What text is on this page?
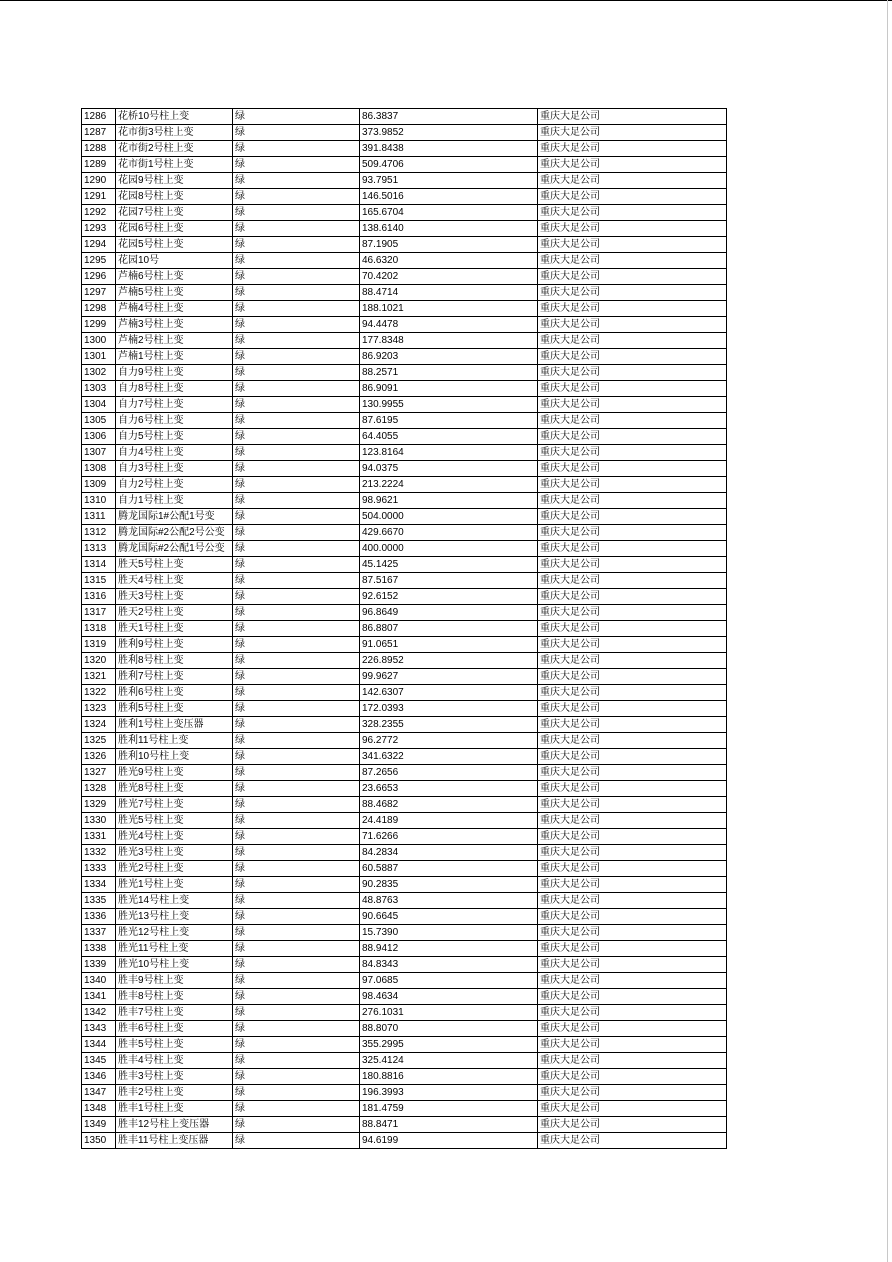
1286	花桥10号柱上变	绿	86.3837	重庆大足公司
1287	花市街3号柱上变	绿	373.9852	重庆大足公司
1288	花市街2号柱上变	绿	391.8438	重庆大足公司
1289	花市街1号柱上变	绿	509.4706	重庆大足公司
1290	花园9号柱上变	绿	93.7951	重庆大足公司
1291	花园8号柱上变	绿	146.5016	重庆大足公司
1292	花园7号柱上变	绿	165.6704	重庆大足公司
1293	花园6号柱上变	绿	138.6140	重庆大足公司
1294	花园5号柱上变	绿	87.1905	重庆大足公司
1295	花园10号	绿	46.6320	重庆大足公司
1296	芦楠6号柱上变	绿	70.4202	重庆大足公司
1297	芦楠5号柱上变	绿	88.4714	重庆大足公司
1298	芦楠4号柱上变	绿	188.1021	重庆大足公司
1299	芦楠3号柱上变	绿	94.4478	重庆大足公司
1300	芦楠2号柱上变	绿	177.8348	重庆大足公司
1301	芦楠1号柱上变	绿	86.9203	重庆大足公司
1302	自力9号柱上变	绿	88.2571	重庆大足公司
1303	自力8号柱上变	绿	86.9091	重庆大足公司
1304	自力7号柱上变	绿	130.9955	重庆大足公司
1305	自力6号柱上变	绿	87.6195	重庆大足公司
1306	自力5号柱上变	绿	64.4055	重庆大足公司
1307	自力4号柱上变	绿	123.8164	重庆大足公司
1308	自力3号柱上变	绿	94.0375	重庆大足公司
1309	自力2号柱上变	绿	213.2224	重庆大足公司
1310	自力1号柱上变	绿	98.9621	重庆大足公司
1311	腾龙国际1#公配1号变	绿	504.0000	重庆大足公司
1312	腾龙国际#2公配2号公变	绿	429.6670	重庆大足公司
1313	腾龙国际#2公配1号公变	绿	400.0000	重庆大足公司
1314	胜天5号柱上变	绿	45.1425	重庆大足公司
1315	胜天4号柱上变	绿	87.5167	重庆大足公司
1316	胜天3号柱上变	绿	92.6152	重庆大足公司
1317	胜天2号柱上变	绿	96.8649	重庆大足公司
1318	胜天1号柱上变	绿	86.8807	重庆大足公司
1319	胜利9号柱上变	绿	91.0651	重庆大足公司
1320	胜利8号柱上变	绿	226.8952	重庆大足公司
1321	胜利7号柱上变	绿	99.9627	重庆大足公司
1322	胜利6号柱上变	绿	142.6307	重庆大足公司
1323	胜利5号柱上变	绿	172.0393	重庆大足公司
1324	胜利1号柱上变压器	绿	328.2355	重庆大足公司
1325	胜利11号柱上变	绿	96.2772	重庆大足公司
1326	胜利10号柱上变	绿	341.6322	重庆大足公司
1327	胜光9号柱上变	绿	87.2656	重庆大足公司
1328	胜光8号柱上变	绿	23.6653	重庆大足公司
1329	胜光7号柱上变	绿	88.4682	重庆大足公司
1330	胜光5号柱上变	绿	24.4189	重庆大足公司
1331	胜光4号柱上变	绿	71.6266	重庆大足公司
1332	胜光3号柱上变	绿	84.2834	重庆大足公司
1333	胜光2号柱上变	绿	60.5887	重庆大足公司
1334	胜光1号柱上变	绿	90.2835	重庆大足公司
1335	胜光14号柱上变	绿	48.8763	重庆大足公司
1336	胜光13号柱上变	绿	90.6645	重庆大足公司
1337	胜光12号柱上变	绿	15.7390	重庆大足公司
1338	胜光11号柱上变	绿	88.9412	重庆大足公司
1339	胜光10号柱上变	绿	84.8343	重庆大足公司
1340	胜丰9号柱上变	绿	97.0685	重庆大足公司
1341	胜丰8号柱上变	绿	98.4634	重庆大足公司
1342	胜丰7号柱上变	绿	276.1031	重庆大足公司
1343	胜丰6号柱上变	绿	88.8070	重庆大足公司
1344	胜丰5号柱上变	绿	355.2995	重庆大足公司
1345	胜丰4号柱上变	绿	325.4124	重庆大足公司
1346	胜丰3号柱上变	绿	180.8816	重庆大足公司
1347	胜丰2号柱上变	绿	196.3993	重庆大足公司
1348	胜丰1号柱上变	绿	181.4759	重庆大足公司
1349	胜丰12号柱上变压器	绿	88.8471	重庆大足公司
1350	胜丰11号柱上变压器	绿	94.6199	重庆大足公司
